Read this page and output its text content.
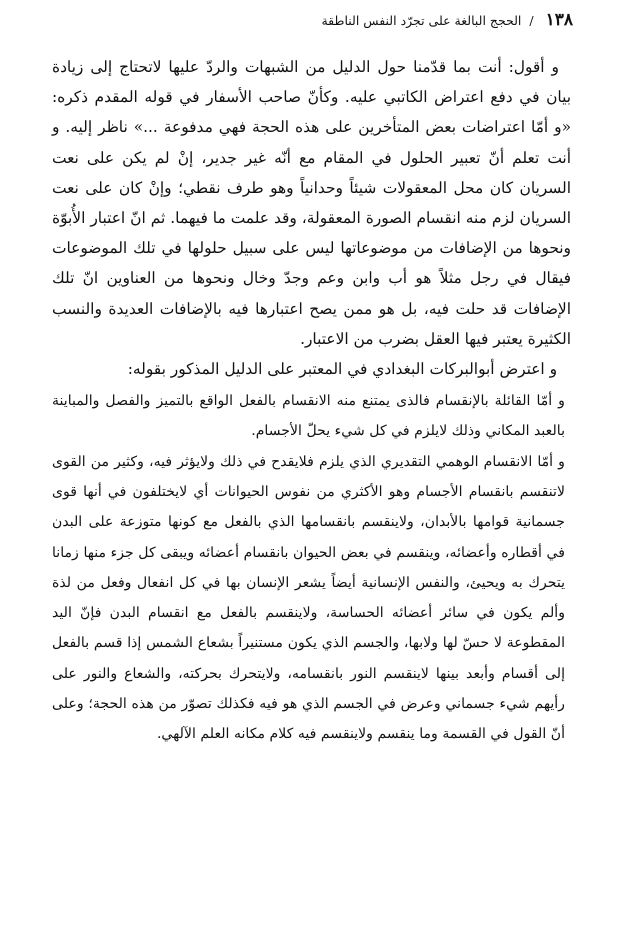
١٣٨ / الحجج البالغة على تجرّد النفس الناطقة

و أقول: أنت بما قدّمنا حول الدليل من الشبهات والردّ عليها لاتحتاج إلى زيادة بيان في دفع اعتراض الكاتبي عليه. وكأنّ صاحب الأسفار في قوله المقدم ذكره: «و أمّا اعتراضات بعض المتأخرين على هذه الحجة فهي مدفوعة ...» ناظر إليه. و أنت تعلم أنّ تعبير الحلول في المقام مع أنّه غير جدير، إنْ لم يكن على نعت السريان كان محل المعقولات شيئاً وحدانياً وهو طرف نقطي؛ وإنْ كان على نعت السريان لزم منه انقسام الصورة المعقولة، وقد علمت ما فيهما. ثم انّ اعتبار الأُبوّة ونحوها من الإضافات من موضوعاتها ليس على سبيل حلولها في تلك الموضوعات فيقال في رجل مثلاً هو أب وابن وعم وجدّ وخال ونحوها من العناوين انّ تلك الإضافات قد حلت فيه، بل هو ممن يصح اعتبارها فيه بالإضافات العديدة والنسب الكثيرة يعتبر فيها العقل بضرب من الاعتبار.

و اعترض أبوالبركات البغدادي في المعتبر على الدليل المذكور بقوله:

و أمّا القائلة بالإنقسام فالذى يمتنع منه الانقسام بالفعل الواقع بالتميز والفصل والمباينة بالعبد المكاني وذلك لايلزم في كل شيء يحلّ الأجسام.

و أمّا الانقسام الوهمي التقديري الذي يلزم فلايقدح في ذلك ولايؤثر فيه، وكثير من القوى لاتنقسم بانقسام الأجسام وهو الأكثري من نفوس الحيوانات أي لايختلفون في أنها قوى جسمانية قوامها بالأبدان، ولاينقسم بانقسامها الذي بالفعل مع كونها متوزعة على البدن في أقطاره وأعضائه، وينقسم في بعض الحيوان بانقسام أعضائه ويبقى كل جزء منها زمانا يتحرك به ويحيئ، والنفس الإنسانية أيضاً يشعر الإنسان بها في كل انفعال وفعل من لذة وألم يكون في سائر أعضائه الحساسة، ولاينقسم بالفعل مع انقسام البدن فإنّ اليد المقطوعة لا حسّ لها ولابها، والجسم الذي يكون مستنيراً بشعاع الشمس إذا قسم بالفعل إلى أقسام وأبعد بينها لاينقسم النور بانقسامه، ولايتحرك بحركته، والشعاع والنور على رأيهم شيء جسماني وعرض في الجسم الذي هو فيه فكذلك تصوّر من هذه الحجة؛ وعلى أنّ القول في القسمة وما ينقسم ولاينقسم فيه كلام مكانه العلم الآلهي.
